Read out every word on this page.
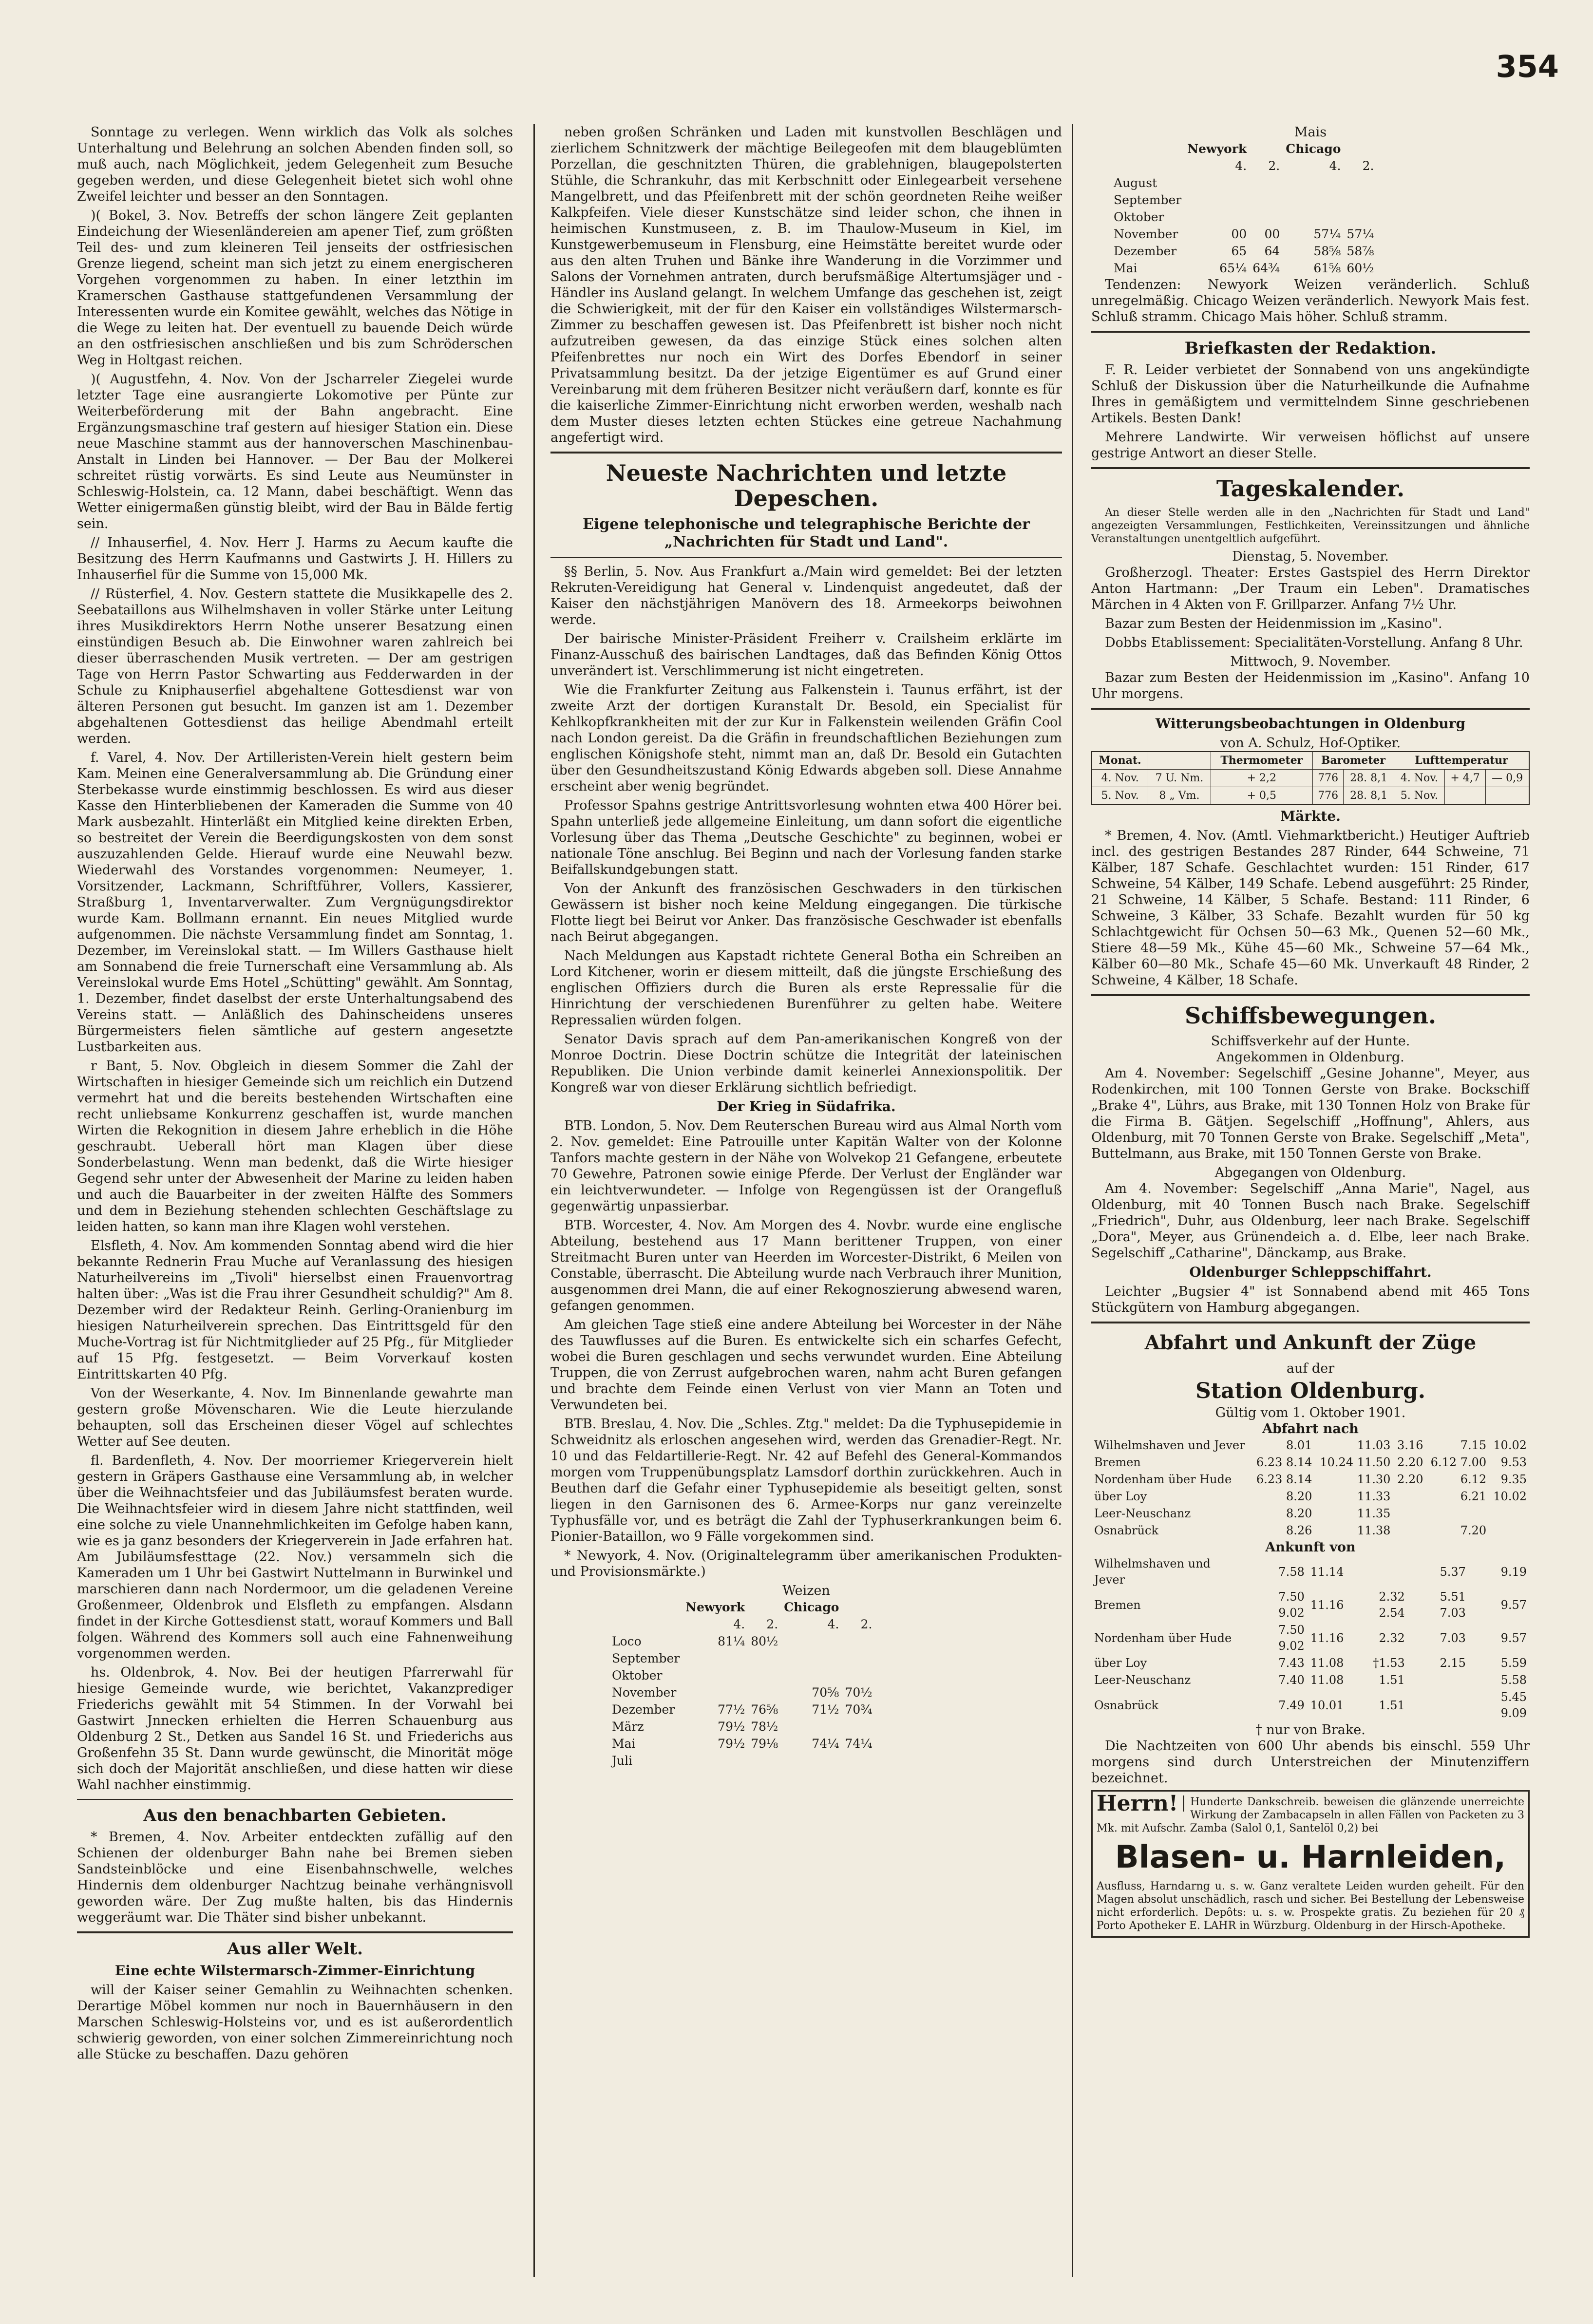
354

Sonntage zu verlegen. Wenn wirklich das Volk als solches Unterhaltung und Belehrung an solchen Abenden finden soll, so muß auch, nach Möglichkeit, jedem Gelegenheit zum Besuche gegeben werden, und diese Gelegenheit bietet sich wohl ohne Zweifel leichter und besser an den Sonntagen.

)( Bokel, 3. Nov. Betreffs der schon längere Zeit geplanten Eindeichung der Wiesenländereien am apener Tief, zum größten Teil des- und zum kleineren Teil jenseits der ostfriesischen Grenze liegend, scheint man sich jetzt zu einem energischeren Vorgehen vorgenommen zu haben. In einer letzthin im Kramerschen Gasthause stattgefundenen Versammlung der Interessenten wurde ein Komitee gewählt, welches das Nötige in die Wege zu leiten hat. Der eventuell zu bauende Deich würde an den ostfriesischen anschließen und bis zum Schröderschen Weg in Holtgast reichen.

)( Augustfehn, 4. Nov. Von der Jscharreler Ziegelei wurde letzter Tage eine ausrangierte Lokomotive per Pünte zur Weiterbeförderung mit der Bahn angebracht. Eine Ergänzungsmaschine traf gestern auf hiesiger Station ein. Diese neue Maschine stammt aus der hannoverschen Maschinenbau-Anstalt in Linden bei Hannover. — Der Bau der Molkerei schreitet rüstig vorwärts. Es sind Leute aus Neumünster in Schleswig-Holstein, ca. 12 Mann, dabei beschäftigt. Wenn das Wetter einigermaßen günstig bleibt, wird der Bau in Bälde fertig sein.

// Inhauserfiel, 4. Nov. Herr J. Harms zu Aecum kaufte die Besitzung des Herrn Kaufmanns und Gastwirts J. H. Hillers zu Inhauserfiel für die Summe von 15,000 Mk.

// Rüsterfiel, 4. Nov. Gestern stattete die Musikkapelle des 2. Seebataillons aus Wilhelmshaven in voller Stärke unter Leitung ihres Musikdirektors Herrn Nothe unserer Besatzung einen einstündigen Besuch ab. Die Einwohner waren zahlreich bei dieser überraschenden Musik vertreten. — Der am gestrigen Tage von Herrn Pastor Schwarting aus Fedderwarden in der Schule zu Kniphauserfiel abgehaltene Gottesdienst war von älteren Personen gut besucht. Im ganzen ist am 1. Dezember abgehaltenen Gottesdienst das heilige Abendmahl erteilt werden.

f. Varel, 4. Nov. Der Artilleristen-Verein hielt gestern beim Kam. Meinen eine Generalversammlung ab. Die Gründung einer Sterbekasse wurde einstimmig beschlossen. Es wird aus dieser Kasse den Hinterbliebenen der Kameraden die Summe von 40 Mark ausbezahlt. Hinterläßt ein Mitglied keine direkten Erben, so bestreitet der Verein die Beerdigungskosten von dem sonst auszuzahlenden Gelde. Hierauf wurde eine Neuwahl bezw. Wiederwahl des Vorstandes vorgenommen: Neumeyer, 1. Vorsitzender, Lackmann, Schriftführer, Vollers, Kassierer, Straßburg 1, Inventarverwalter. Zum Vergnügungsdirektor wurde Kam. Bollmann ernannt. Ein neues Mitglied wurde aufgenommen. Die nächste Versammlung findet am Sonntag, 1. Dezember, im Vereinslokal statt. — Im Willers Gasthause hielt am Sonnabend die freie Turnerschaft eine Versammlung ab. Als Vereinslokal wurde Ems Hotel „Schütting" gewählt. Am Sonntag, 1. Dezember, findet daselbst der erste Unterhaltungsabend des Vereins statt. — Anläßlich des Dahinscheidens unseres Bürgermeisters fielen sämtliche auf gestern angesetzte Lustbarkeiten aus.

r Bant, 5. Nov. Obgleich in diesem Sommer die Zahl der Wirtschaften in hiesiger Gemeinde sich um reichlich ein Dutzend vermehrt hat und die bereits bestehenden Wirtschaften eine recht unliebsame Konkurrenz geschaffen ist, wurde manchen Wirten die Rekognition in diesem Jahre erheblich in die Höhe geschraubt. Ueberall hört man Klagen über diese Sonderbelastung. Wenn man bedenkt, daß die Wirte hiesiger Gegend sehr unter der Abwesenheit der Marine zu leiden haben und auch die Bauarbeiter in der zweiten Hälfte des Sommers und dem in Beziehung stehenden schlechten Geschäftslage zu leiden hatten, so kann man ihre Klagen wohl verstehen.

Elsfleth, 4. Nov. Am kommenden Sonntag abend wird die hier bekannte Rednerin Frau Muche auf Veranlassung des hiesigen Naturheilvereins im „Tivoli" hierselbst einen Frauenvortrag halten über: „Was ist die Frau ihrer Gesundheit schuldig?" Am 8. Dezember wird der Redakteur Reinh. Gerling-Oranienburg im hiesigen Naturheilverein sprechen. Das Eintrittsgeld für den Muche-Vortrag ist für Nichtmitglieder auf 25 Pfg., für Mitglieder auf 15 Pfg. festgesetzt. — Beim Vorverkauf kosten Eintrittskarten 40 Pfg.

Von der Weserkante, 4. Nov. Im Binnenlande gewahrte man gestern große Mövenscharen. Wie die Leute hierzulande behaupten, soll das Erscheinen dieser Vögel auf schlechtes Wetter auf See deuten.

fl. Bardenfleth, 4. Nov. Der moorriemer Kriegerverein hielt gestern in Gräpers Gasthause eine Versammlung ab, in welcher über die Weihnachtsfeier und das Jubiläumsfest beraten wurde. Die Weihnachtsfeier wird in diesem Jahre nicht stattfinden, weil eine solche zu viele Unannehmlichkeiten im Gefolge haben kann, wie es ja ganz besonders der Kriegerverein in Jade erfahren hat. Am Jubiläumsfesttage (22. Nov.) versammeln sich die Kameraden um 1 Uhr bei Gastwirt Nuttelmann in Burwinkel und marschieren dann nach Nordermoor, um die geladenen Vereine Großenmeer, Oldenbrok und Elsfleth zu empfangen. Alsdann findet in der Kirche Gottesdienst statt, worauf Kommers und Ball folgen. Während des Kommers soll auch eine Fahnenweihung vorgenommen werden.

hs. Oldenbrok, 4. Nov. Bei der heutigen Pfarrerwahl für hiesige Gemeinde wurde, wie berichtet, Vakanzprediger Friederichs gewählt mit 54 Stimmen. In der Vorwahl bei Gastwirt Jnnecken erhielten die Herren Schauenburg aus Oldenburg 2 St., Detken aus Sandel 16 St. und Friederichs aus Großenfehn 35 St. Dann wurde gewünscht, die Minorität möge sich doch der Majorität anschließen, und diese hatten wir diese Wahl nachher einstimmig.

Aus den benachbarten Gebieten.

* Bremen, 4. Nov. Arbeiter entdeckten zufällig auf den Schienen der oldenburger Bahn nahe bei Bremen sieben Sandsteinblöcke und eine Eisenbahnschwelle, welches Hindernis dem oldenburger Nachtzug beinahe verhängnisvoll geworden wäre. Der Zug mußte halten, bis das Hindernis weggeräumt war. Die Thäter sind bisher unbekannt.

Aus aller Welt.
Eine echte Wilstermarsch-Zimmer-Einrichtung

will der Kaiser seiner Gemahlin zu Weihnachten schenken. Derartige Möbel kommen nur noch in Bauernhäusern in den Marschen Schleswig-Holsteins vor, und es ist außerordentlich schwierig geworden, von einer solchen Zimmereinrichtung noch alle Stücke zu beschaffen. Dazu gehören

neben großen Schränken und Laden mit kunstvollen Beschlägen und zierlichem Schnitzwerk der mächtige Beilegeofen mit dem blaugeblümten Porzellan, die geschnitzten Thüren, die grablehnigen, blaugepolsterten Stühle, die Schrankuhr, das mit Kerbschnitt oder Einlegearbeit versehene Mangelbrett, und das Pfeifenbrett mit der schön geordneten Reihe weißer Kalkpfeifen. Viele dieser Kunstschätze sind leider schon, che ihnen in heimischen Kunstmuseen, z. B. im Thaulow-Museum in Kiel, im Kunstgewerbemuseum in Flensburg, eine Heimstätte bereitet wurde oder aus den alten Truhen und Bänke ihre Wanderung in die Vorzimmer und Salons der Vornehmen antraten, durch berufsmäßige Altertumsjäger und -Händler ins Ausland gelangt. In welchem Umfange das geschehen ist, zeigt die Schwierigkeit, mit der für den Kaiser ein vollständiges Wilstermarsch-Zimmer zu beschaffen gewesen ist. Das Pfeifenbrett ist bisher noch nicht aufzutreiben gewesen, da das einzige Stück eines solchen alten Pfeifenbrettes nur noch ein Wirt des Dorfes Ebendorf in seiner Privatsammlung besitzt. Da der jetzige Eigentümer es auf Grund einer Vereinbarung mit dem früheren Besitzer nicht veräußern darf, konnte es für die kaiserliche Zimmer-Einrichtung nicht erworben werden, weshalb nach dem Muster dieses letzten echten Stückes eine getreue Nachahmung angefertigt wird.

Neueste Nachrichten und letzte Depeschen.
Eigene telephonische und telegraphische Berichte der „Nachrichten für Stadt und Land".

§§ Berlin, 5. Nov. Aus Frankfurt a./Main wird gemeldet: Bei der letzten Rekruten-Vereidigung hat General v. Lindenquist angedeutet, daß der Kaiser den nächstjährigen Manövern des 18. Armeekorps beiwohnen werde.

Der bairische Minister-Präsident Freiherr v. Crailsheim erklärte im Finanz-Ausschuß des bairischen Landtages, daß das Befinden König Ottos unverändert ist. Verschlimmerung ist nicht eingetreten.

Wie die Frankfurter Zeitung aus Falkenstein i. Taunus erfährt, ist der zweite Arzt der dortigen Kuranstalt Dr. Besold, ein Specialist für Kehlkopfkrankheiten mit der zur Kur in Falkenstein weilenden Gräfin Cool nach London gereist. Da die Gräfin in freundschaftlichen Beziehungen zum englischen Königshofe steht, nimmt man an, daß Dr. Besold ein Gutachten über den Gesundheitszustand König Edwards abgeben soll. Diese Annahme erscheint aber wenig begründet.

Professor Spahns gestrige Antrittsvorlesung wohnten etwa 400 Hörer bei. Spahn unterließ jede allgemeine Einleitung, um dann sofort die eigentliche Vorlesung über das Thema „Deutsche Geschichte" zu beginnen, wobei er nationale Töne anschlug. Bei Beginn und nach der Vorlesung fanden starke Beifallskundgebungen statt.

Von der Ankunft des französischen Geschwaders in den türkischen Gewässern ist bisher noch keine Meldung eingegangen. Die türkische Flotte liegt bei Beirut vor Anker. Das französische Geschwader ist ebenfalls nach Beirut abgegangen.

Nach Meldungen aus Kapstadt richtete General Botha ein Schreiben an Lord Kitchener, worin er diesem mitteilt, daß die jüngste Erschießung des englischen Offiziers durch die Buren als erste Repressalie für die Hinrichtung der verschiedenen Burenführer zu gelten habe. Weitere Repressalien würden folgen.

Senator Davis sprach auf dem Pan-amerikanischen Kongreß von der Monroe Doctrin. Diese Doctrin schütze die Integrität der lateinischen Republiken. Die Union verbinde damit keinerlei Annexionspolitik. Der Kongreß war von dieser Erklärung sichtlich befriedigt.

Der Krieg in Südafrika.

BTB. London, 5. Nov. Dem Reuterschen Bureau wird aus Almal North vom 2. Nov. gemeldet: Eine Patrouille unter Kapitän Walter von der Kolonne Tanfors machte gestern in der Nähe von Wolvekop 21 Gefangene, erbeutete 70 Gewehre, Patronen sowie einige Pferde. Der Verlust der Engländer war ein leichtverwundeter. — Infolge von Regengüssen ist der Orangefluß gegenwärtig unpassierbar.

BTB. Worcester, 4. Nov. Am Morgen des 4. Novbr. wurde eine englische Abteilung, bestehend aus 17 Mann berittener Truppen, von einer Streitmacht Buren unter van Heerden im Worcester-Distrikt, 6 Meilen von Constable, überrascht. Die Abteilung wurde nach Verbrauch ihrer Munition, ausgenommen drei Mann, die auf einer Rekognoszierung abwesend waren, gefangen genommen.

Am gleichen Tage stieß eine andere Abteilung bei Worcester in der Nähe des Tauwflusses auf die Buren. Es entwickelte sich ein scharfes Gefecht, wobei die Buren geschlagen und sechs verwundet wurden. Eine Abteilung Truppen, die von Zerrust aufgebrochen waren, nahm acht Buren gefangen und brachte dem Feinde einen Verlust von vier Mann an Toten und Verwundeten bei.

BTB. Breslau, 4. Nov. Die „Schles. Ztg." meldet: Da die Typhusepidemie in Schweidnitz als erloschen angesehen wird, werden das Grenadier-Regt. Nr. 10 und das Feldartillerie-Regt. Nr. 42 auf Befehl des General-Kommandos morgen vom Truppenübungsplatz Lamsdorf dorthin zurückkehren. Auch in Beuthen darf die Gefahr einer Typhusepidemie als beseitigt gelten, sonst liegen in den Garnisonen des 6. Armee-Korps nur ganz vereinzelte Typhusfälle vor, und es beträgt die Zahl der Typhuserkrankungen beim 6. Pionier-Bataillon, wo 9 Fälle vorgekommen sind.

* Newyork, 4. Nov. (Originaltelegramm über amerikanischen Produkten- und Provisionsmärkte.)

Weizen
	Newyork		Chicago	
	4.	2.	4.	2.
Loco	81¼	80½		
September				
Oktober				
November			70⅝	70½
Dezember	77½	76⅝	71½	70¾
März	79½	78½		
Mai	79½	79⅛	74¼	74¼
Juli				
Mais
	Newyork		Chicago	
	4.	2.	4.	2.
August				
September				
Oktober				
November	00	00	57¼	57¼
Dezember	65	64	58⅝	58⅞
Mai	65¼	64¾	61⅝	60½

Tendenzen: Newyork Weizen veränderlich. Schluß unregelmäßig. Chicago Weizen veränderlich. Newyork Mais fest. Schluß stramm. Chicago Mais höher. Schluß stramm.

Briefkasten der Redaktion.

F. R. Leider verbietet der Sonnabend von uns angekündigte Schluß der Diskussion über die Naturheilkunde die Aufnahme Ihres in gemäßigtem und vermittelndem Sinne geschriebenen Artikels. Besten Dank!

Mehrere Landwirte. Wir verweisen höflichst auf unsere gestrige Antwort an dieser Stelle.

Tageskalender.

An dieser Stelle werden alle in den „Nachrichten für Stadt und Land" angezeigten Versammlungen, Festlichkeiten, Vereinssitzungen und ähnliche Veranstaltungen unentgeltlich aufgeführt.

Dienstag, 5. November.

Großherzogl. Theater: Erstes Gastspiel des Herrn Direktor Anton Hartmann: „Der Traum ein Leben". Dramatisches Märchen in 4 Akten von F. Grillparzer. Anfang 7½ Uhr.

Bazar zum Besten der Heidenmission im „Kasino".

Dobbs Etablissement: Specialitäten-Vorstellung. Anfang 8 Uhr.

Mittwoch, 9. November.

Bazar zum Besten der Heidenmission im „Kasino". Anfang 10 Uhr morgens.

Witterungsbeobachtungen in Oldenburg
von A. Schulz, Hof-Optiker.
Monat.		Thermometer	Barometer		Lufttemperatur		
4. Nov.	7 U. Nm.	+ 2,2	776	28. 8,1	4. Nov.	+ 4,7	— 0,9
5. Nov.	8 „ Vm.	+ 0,5	776	28. 8,1	5. Nov.		
Märkte.

* Bremen, 4. Nov. (Amtl. Viehmarktbericht.) Heutiger Auftrieb incl. des gestrigen Bestandes 287 Rinder, 644 Schweine, 71 Kälber, 187 Schafe. Geschlachtet wurden: 151 Rinder, 617 Schweine, 54 Kälber, 149 Schafe. Lebend ausgeführt: 25 Rinder, 21 Schweine, 14 Kälber, 5 Schafe. Bestand: 111 Rinder, 6 Schweine, 3 Kälber, 33 Schafe. Bezahlt wurden für 50 kg Schlachtgewicht für Ochsen 50—63 Mk., Quenen 52—60 Mk., Stiere 48—59 Mk., Kühe 45—60 Mk., Schweine 57—64 Mk., Kälber 60—80 Mk., Schafe 45—60 Mk. Unverkauft 48 Rinder, 2 Schweine, 4 Kälber, 18 Schafe.

Schiffsbewegungen.
Schiffsverkehr auf der Hunte.
Angekommen in Oldenburg.

Am 4. November: Segelschiff „Gesine Johanne", Meyer, aus Rodenkirchen, mit 100 Tonnen Gerste von Brake. Bockschiff „Brake 4", Lührs, aus Brake, mit 130 Tonnen Holz von Brake für die Firma B. Gätjen. Segelschiff „Hoffnung", Ahlers, aus Oldenburg, mit 70 Tonnen Gerste von Brake. Segelschiff „Meta", Buttelmann, aus Brake, mit 150 Tonnen Gerste von Brake.

Abgegangen von Oldenburg.

Am 4. November: Segelschiff „Anna Marie", Nagel, aus Oldenburg, mit 40 Tonnen Busch nach Brake. Segelschiff „Friedrich", Duhr, aus Oldenburg, leer nach Brake. Segelschiff „Dora", Meyer, aus Grünendeich a. d. Elbe, leer nach Brake. Segelschiff „Catharine", Dänckamp, aus Brake.

Oldenburger Schleppschiffahrt.

Leichter „Bugsier 4" ist Sonnabend abend mit 465 Tons Stückgütern von Hamburg abgegangen.

Abfahrt und Ankunft der Züge
auf der
Station Oldenburg.
Gültig vom 1. Oktober 1901.
Abfahrt nach
Wilhelmshaven und Jever	8.01	11.03	3.16	7.15	10.02
Bremen	6.23 8.14	10.24 11.50	2.20	6.12 7.00	9.53
Nordenham über Hude	6.23 8.14	11.30	2.20	6.12	9.35
über Loy	8.20	11.33		6.21	10.02
Leer-Neuschanz	8.20	11.35			
Osnabrück	8.26	11.38		7.20	
Ankunft von
Wilhelmshaven und Jever	7.58	11.14		5.37	9.19
Bremen	7.50 9.02	11.16	2.32 2.54	5.51 7.03	9.57
Nordenham über Hude	7.50 9.02	11.16	2.32	7.03	9.57
über Loy	7.43	11.08	†1.53	2.15	5.59
Leer-Neuschanz	7.40	11.08	1.51		5.58
Osnabrück	7.49	10.01	1.51		5.45 9.09
† nur von Brake.

Die Nachtzeiten von 600 Uhr abends bis einschl. 559 Uhr morgens sind durch Unterstreichen der Minutenziffern bezeichnet.

Herrn!	Hunderte Dankschreib. beweisen die glänzende unerreichte Wirkung der Zambacapseln in allen Fällen von Packeten zu 3 Mk. mit Aufschr. Zamba (Salol 0,1, Santelöl 0,2) bei
Blasen- u. Harnleiden,
Ausfluss, Harndarng u. s. w. Ganz veraltete Leiden wurden geheilt. Für den Magen absolut unschädlich, rasch und sicher. Bei Bestellung der Lebensweise nicht erforderlich. Depôts: u. s. w. Prospekte gratis. Zu beziehen für 20 ₰ Porto Apotheker E. LAHR in Würzburg. Oldenburg in der Hirsch-Apotheke.
